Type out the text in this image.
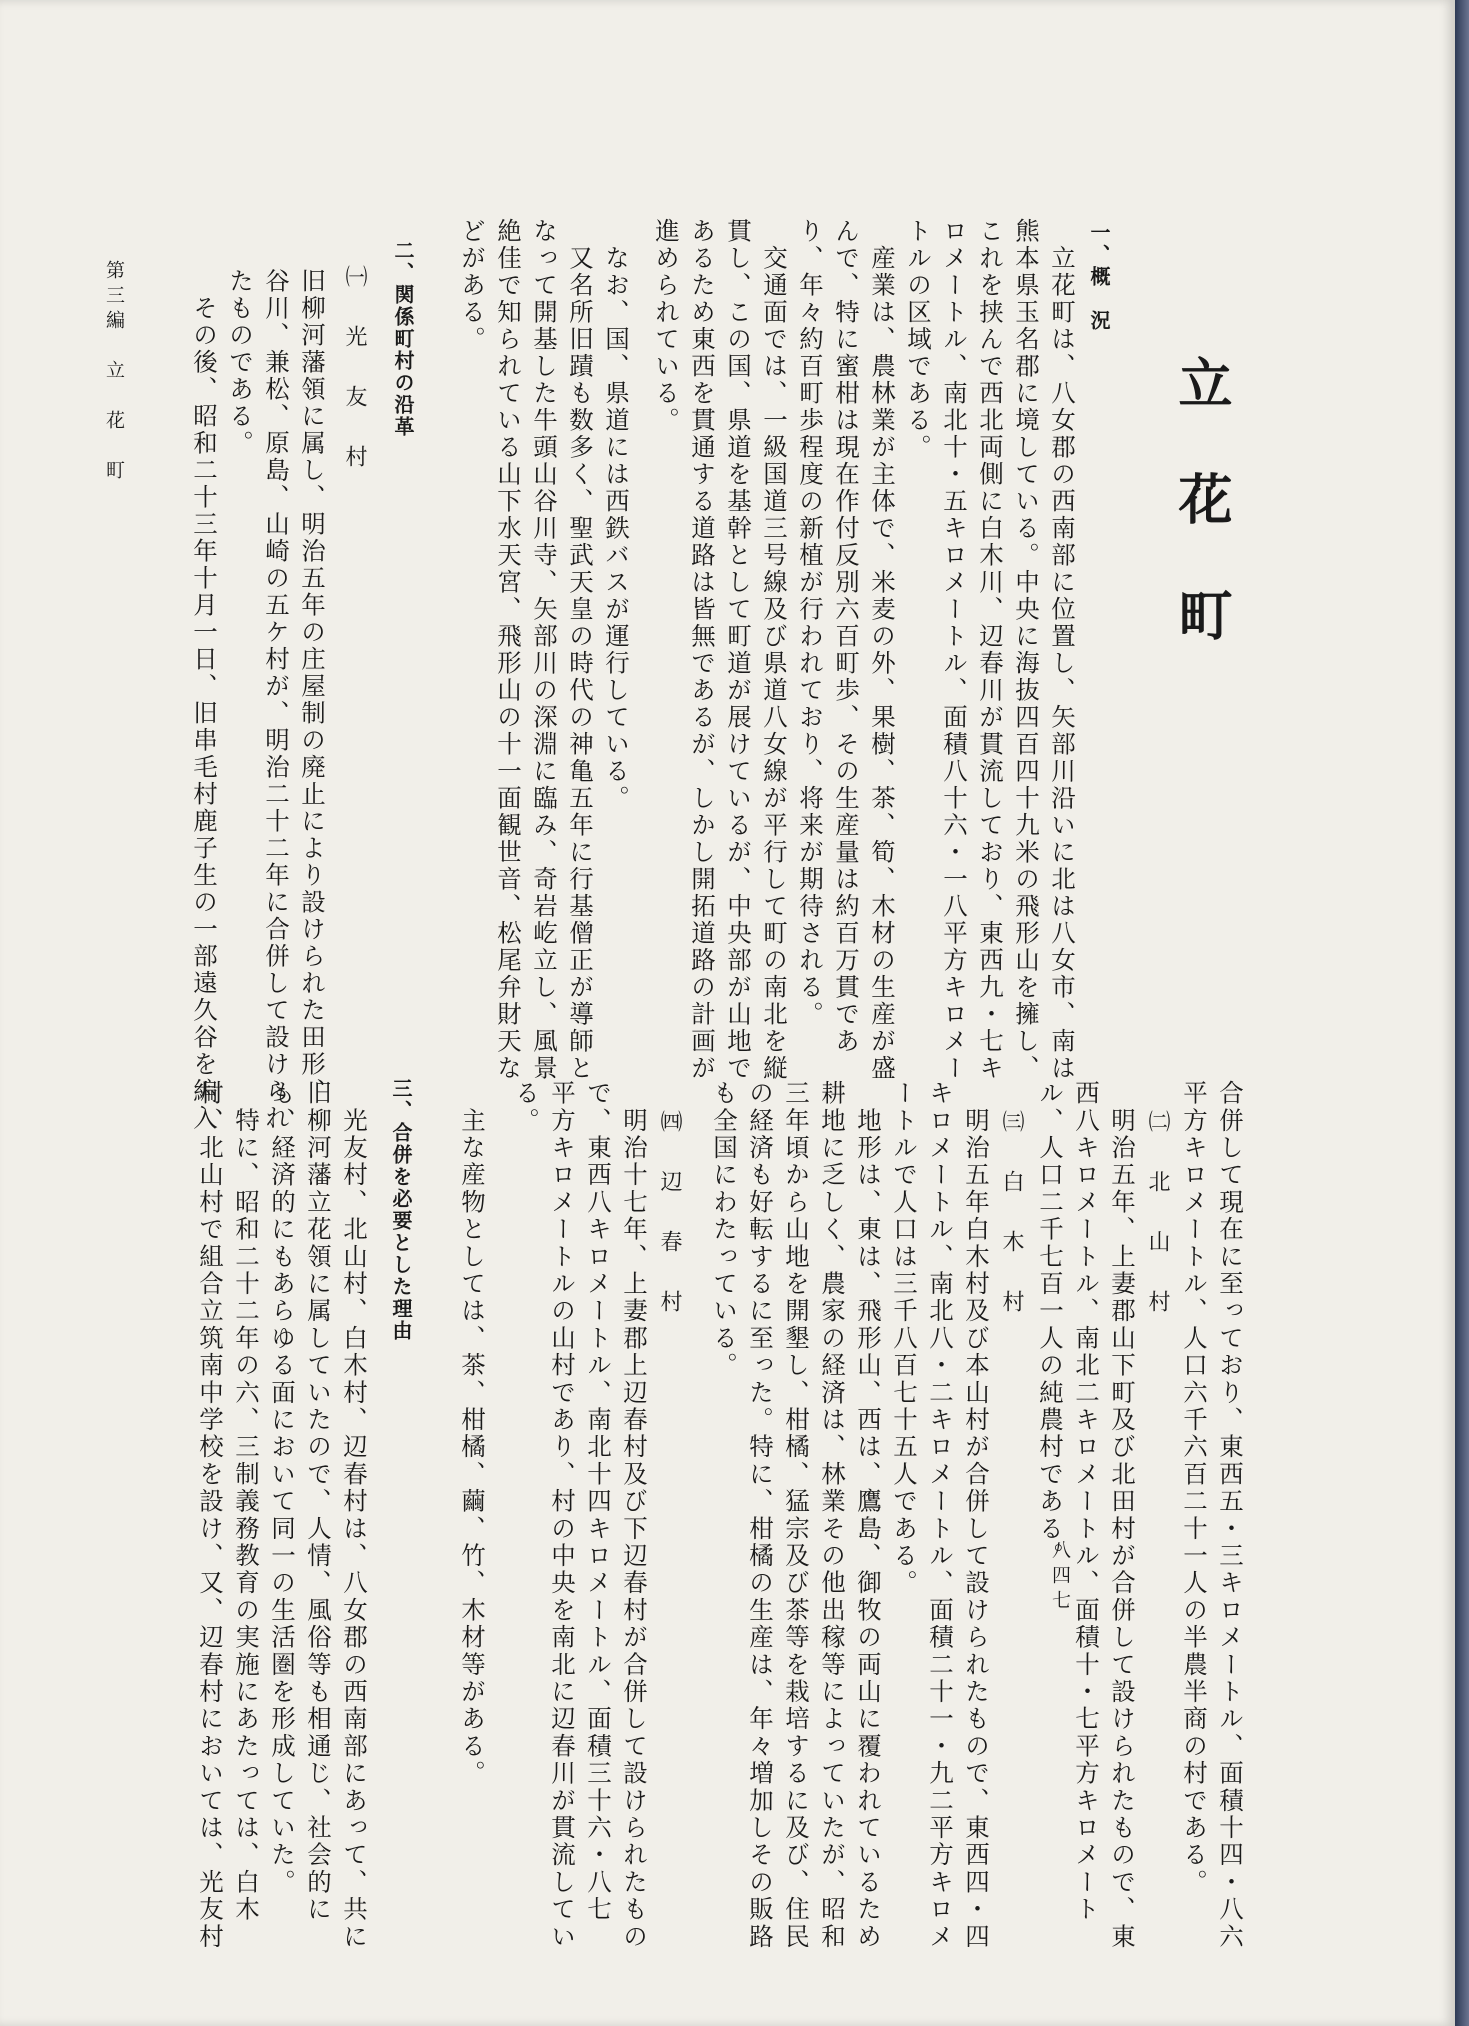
立花町
一、概　況
　立花町は、八女郡の西南部に位置し、矢部川沿いに北は八女市、南は
熊本県玉名郡に境している。中央に海抜四百四十九米の飛形山を擁し、
これを挟んで西北両側に白木川、辺春川が貫流しており、東西九・七キ
ロメートル、南北十・五キロメートル、面積八十六・一八平方キロメー
トルの区域である。
　産業は、農林業が主体で、米麦の外、果樹、茶、筍、木材の生産が盛
んで、特に蜜柑は現在作付反別六百町歩、その生産量は約百万貫であ
り、年々約百町歩程度の新植が行われており、将来が期待される。
　交通面では、一級国道三号線及び県道八女線が平行して町の南北を縦
貫し、この国、県道を基幹として町道が展けているが、中央部が山地で
あるため東西を貫通する道路は皆無であるが、しかし開拓道路の計画が
進められている。
　なお、国、県道には西鉄バスが運行している。
　又名所旧蹟も数多く、聖武天皇の時代の神亀五年に行基僧正が導師と
なって開基した牛頭山谷川寺、矢部川の深淵に臨み、奇岩屹立し、風景
絶佳で知られている山下水天宮、飛形山の十一面観世音、松尾弁財天な
どがある。
二、関係町村の沿革
㈠　光　友　村
旧柳河藩領に属し、明治五年の庄屋制の廃止により設けられた田形、
谷川、兼松、原島、山崎の五ケ村が、明治二十二年に合併して設けられ
たものである。
　その後、昭和二十三年十月一日、旧串毛村鹿子生の一部遠久谷を編入
第三編　立　花　町
合併して現在に至っており、東西五・三キロメートル、面積十四・八六
平方キロメートル、人口六千六百二十一人の半農半商の村である。
㈡　北　山　村
　明治五年、上妻郡山下町及び北田村が合併して設けられたもので、東
西八キロメートル、南北二キロメートル、面積十・七平方キロメート
ル、人口二千七百一人の純農村である。
㈢　白　木　村
　明治五年白木村及び本山村が合併して設けられたもので、東西四・四
キロメートル、南北八・二キロメートル、面積二十一・九二平方キロメ
ートルで人口は三千八百七十五人である。
　地形は、東は、飛形山、西は、鷹島、御牧の両山に覆われているため
耕地に乏しく、農家の経済は、林業その他出稼等によっていたが、昭和
三年頃から山地を開墾し、柑橘、猛宗及び茶等を栽培するに及び、住民
の経済も好転するに至った。特に、柑橘の生産は、年々増加しその販路
も全国にわたっている。
㈣　辺　春　村
　明治十七年、上妻郡上辺春村及び下辺春村が合併して設けられたもの
で、東西八キロメートル、南北十四キロメートル、面積三十六・八七
平方キロメートルの山村であり、村の中央を南北に辺春川が貫流してい
る。
　主な産物としては、茶、柑橘、繭、竹、木材等がある。
三、合併を必要とした理由
　光友村、北山村、白木村、辺春村は、八女郡の西南部にあって、共に
旧柳河藩立花領に属していたので、人情、風俗等も相通じ、社会的に
も、経済的にもあらゆる面において同一の生活圏を形成していた。
　特に、昭和二十二年の六、三制義務教育の実施にあたっては、白木
村、北山村で組合立筑南中学校を設け、又、辺春村においては、光友村	八四七
